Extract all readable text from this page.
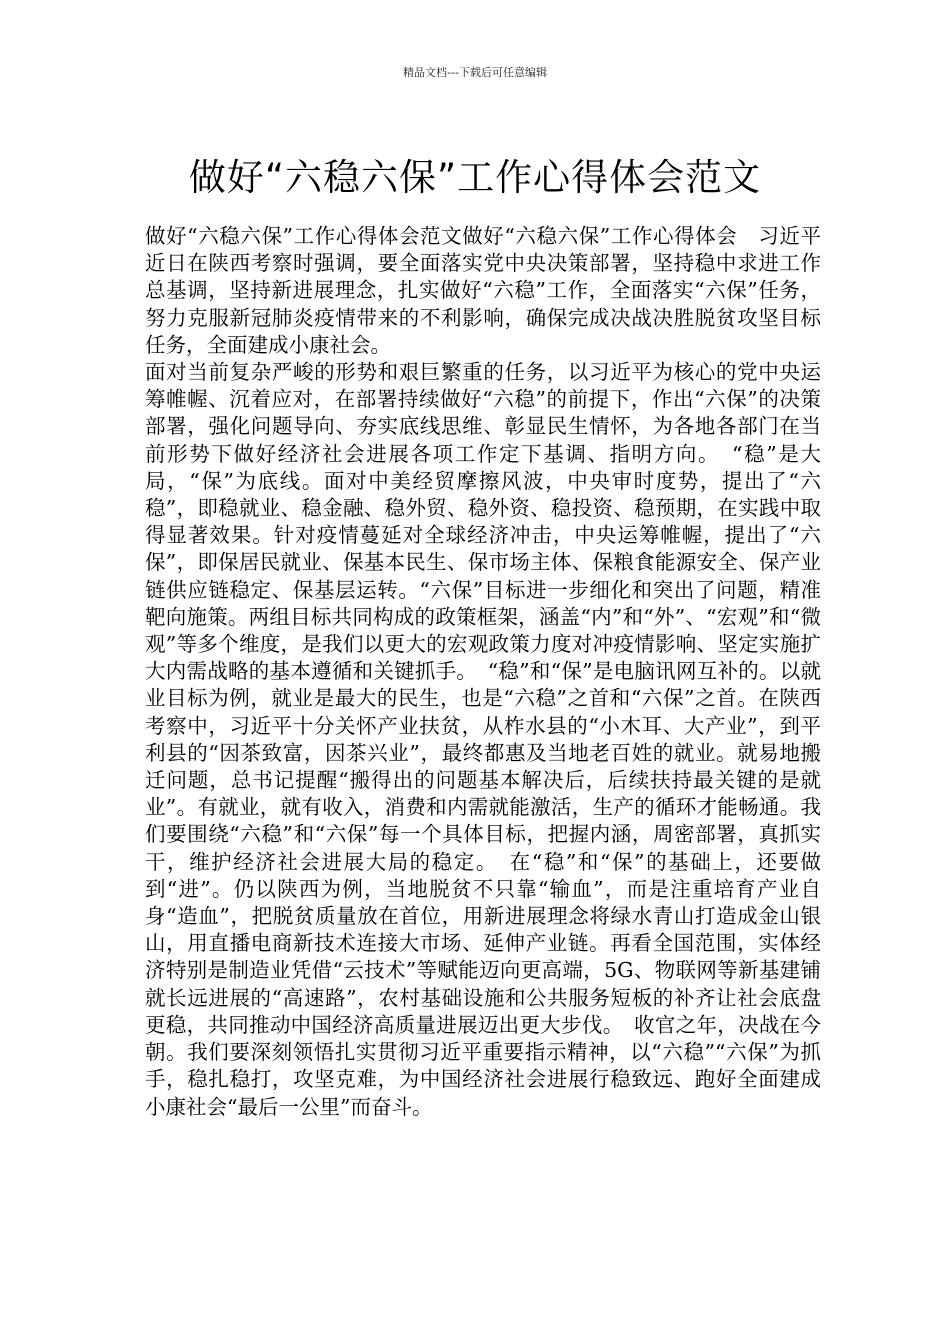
精品文档---下载后可任意编辑
做好“六稳六保”工作心得体会范文

做好“六稳六保”工作心得体会范文做好“六稳六保”工作心得体会　习近平近日在陕西考察时强调，要全面落实党中央决策部署，坚持稳中求进工作总基调，坚持新进展理念，扎实做好“六稳”工作，全面落实“六保”任务，努力克服新冠肺炎疫情带来的不利影响，确保完成决战决胜脱贫攻坚目标任务，全面建成小康社会。

面对当前复杂严峻的形势和艰巨繁重的任务，以习近平为核心的党中央运筹帷幄、沉着应对，在部署持续做好“六稳”的前提下，作出“六保”的决策部署，强化问题导向、夯实底线思维、彰显民生情怀，为各地各部门在当前形势下做好经济社会进展各项工作定下基调、指明方向。　“稳”是大局，“保”为底线。面对中美经贸摩擦风波，中央审时度势，提出了“六稳”，即稳就业、稳金融、稳外贸、稳外资、稳投资、稳预期，在实践中取得显著效果。针对疫情蔓延对全球经济冲击，中央运筹帷幄，提出了“六保”，即保居民就业、保基本民生、保市场主体、保粮食能源安全、保产业链供应链稳定、保基层运转。“六保”目标进一步细化和突出了问题，精准靶向施策。两组目标共同构成的政策框架，涵盖“内”和“外”、“宏观”和“微观”等多个维度，是我们以更大的宏观政策力度对冲疫情影响、坚定实施扩大内需战略的基本遵循和关键抓手。　“稳”和“保”是电脑讯网互补的。以就业目标为例，就业是最大的民生，也是“六稳”之首和“六保”之首。在陕西考察中，习近平十分关怀产业扶贫，从柞水县的“小木耳、大产业”，到平利县的“因茶致富，因茶兴业”，最终都惠及当地老百姓的就业。就易地搬迁问题，总书记提醒“搬得出的问题基本解决后，后续扶持最关键的是就业”。有就业，就有收入，消费和内需就能激活，生产的循环才能畅通。我们要围绕“六稳”和“六保”每一个具体目标，把握内涵，周密部署，真抓实干，维护经济社会进展大局的稳定。　在“稳”和“保”的基础上，还要做到“进”。仍以陕西为例，当地脱贫不只靠“输血”，而是注重培育产业自身“造血”，把脱贫质量放在首位，用新进展理念将绿水青山打造成金山银山，用直播电商新技术连接大市场、延伸产业链。再看全国范围，实体经济特别是制造业凭借“云技术”等赋能迈向更高端，5G、物联网等新基建铺就长远进展的“高速路”，农村基础设施和公共服务短板的补齐让社会底盘更稳，共同推动中国经济高质量进展迈出更大步伐。　收官之年，决战在今朝。我们要深刻领悟扎实贯彻习近平重要指示精神，以“六稳”“六保”为抓手，稳扎稳打，攻坚克难，为中国经济社会进展行稳致远、跑好全面建成小康社会“最后一公里”而奋斗。
